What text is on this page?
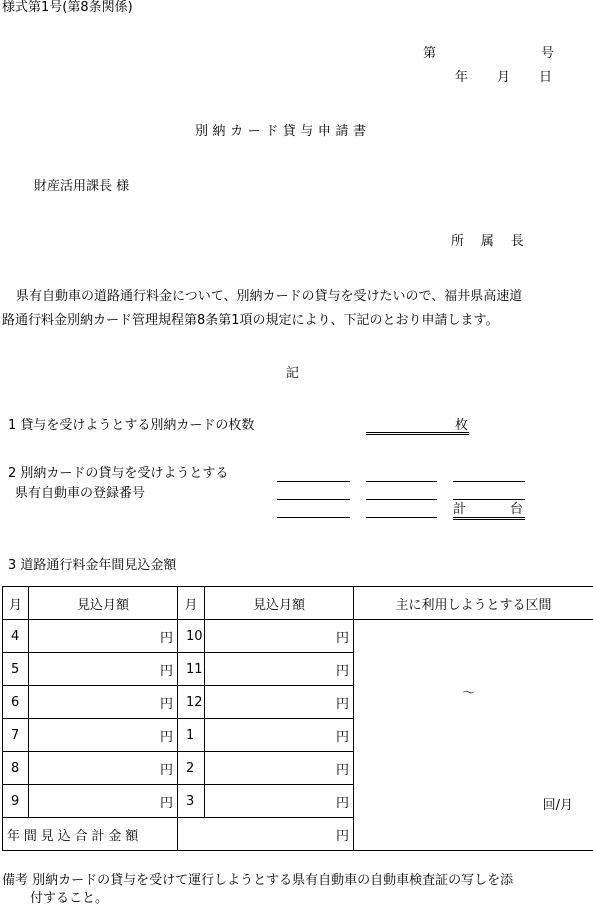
様式第1号(第8条関係)
第	号
年 月 日
別納カード貸与申請書
財産活用課長 様
所属長
県有自動車の道路通行料金について、別納カードの貸与を受けたいので、福井県高速道
路通行料金別納カード管理規程第8条第1項の規定により、下記のとおり申請します。
記
1 貸与を受けようとする別納カードの枚数	枚
2 別納カードの貸与を受けようとする
県有自動車の登録番号
計	台
3 道路通行料金年間見込金額
月	見込月額	月	見込月額	主に利用しようとする区間
4	円	10	円	～
回/月

5	円	11	円	
6	円	12	円	
7	円	1	円	
8	円	2	円	
9	円	3	円	
年間見込合計金額		円		
備考 別納カードの貸与を受けて運行しようとする県有自動車の自動車検査証の写しを添
付すること。
